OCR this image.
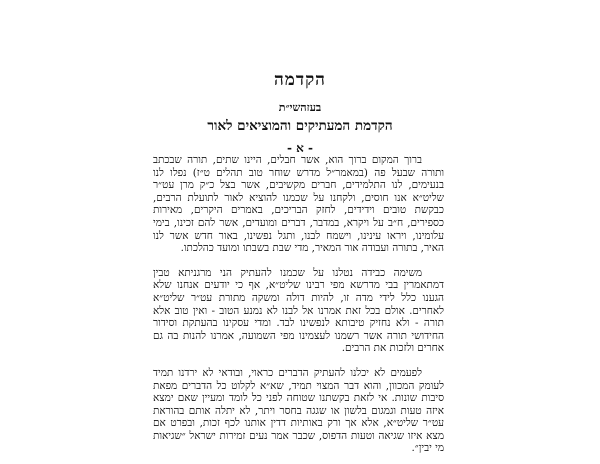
הקדמה
בעזהשי״ת
הקדמת המעתיקים והמוציאים לאור
- א -

ברוך המקום ברוך הוא, אשר חבלים, היינו שתים, תורה שבכתב ותורה שבעל פה (במאמר״ל מדרש שוחר טוב תהלים ט״ז) נפלו לנו בנעימים, לנו התלמידים, חברים מקשיבים, אשר בצל כ״ק מרן עט״ר שליט״א אנו חוסים, ולקחנו על שכמנו להוציא לאור לתועלת הרבים, כבקשת טובים וידידים, לחזק הבריכים, באמרים היקרים, מאירות כספירים, ח״ב על ויקרא, במדבר, דברים ומועדים, אשר להם זכינו, בימי עלומינו, ויראו עינינו, וישמח לבנו, ותגל נפשינו, באור חדש אשר לנו האיר, בתורה ועבודה אור המאיר, מדי שבת בשבתו ומועד כהלכתו.

משימה כבידה נטלנו על שכמנו להעתיק הני מרגניתא טבין דמתאמרין בבי מדרשא מפי רבינו שליט״א, אף כי יודעים אנחנו שלא הגענו כלל לידי מדה זו, להיות דולה ומשקה מתורת עט״ר שליט״א לאחרים. אולם בכל זאת אמרנו אל לבנו לא נמנע הטוב - ואין טוב אלא תורה - ולא נחזיק טיבותא לנפשינו לבד. ומדי עסקינו בהעתקת וסידור החידושי תורה אשר רשמנו לעצמינו מפי השמועה, אמרנו להנות בה גם אחרים ולזכות את הרבים.

לפעמים לא יכלנו להעתיק הדברים כראוי, ובודאי לא ירדנו תמיד לעומק המכוון, והוא דבר המצוי תמיד, שא״א לקלוט כל הדברים מפאת סיבות שונות. אי לזאת בקשתנו שטוחה לפני כל לומד ומעיין שאם ימצא איזה טעות וגמגום בלשון או שגגה בחסר ויתר, לא יתלה אותם בהוראת עט״ר שליט״א, אלא אך ורק באותיות דדין אותנו לכף זכות, ובפרט אם מצא איזו שגיאה וטעות הדפוס, שכבר אמר נעים זמירות ישראל ״שגיאות מי יבין״.
